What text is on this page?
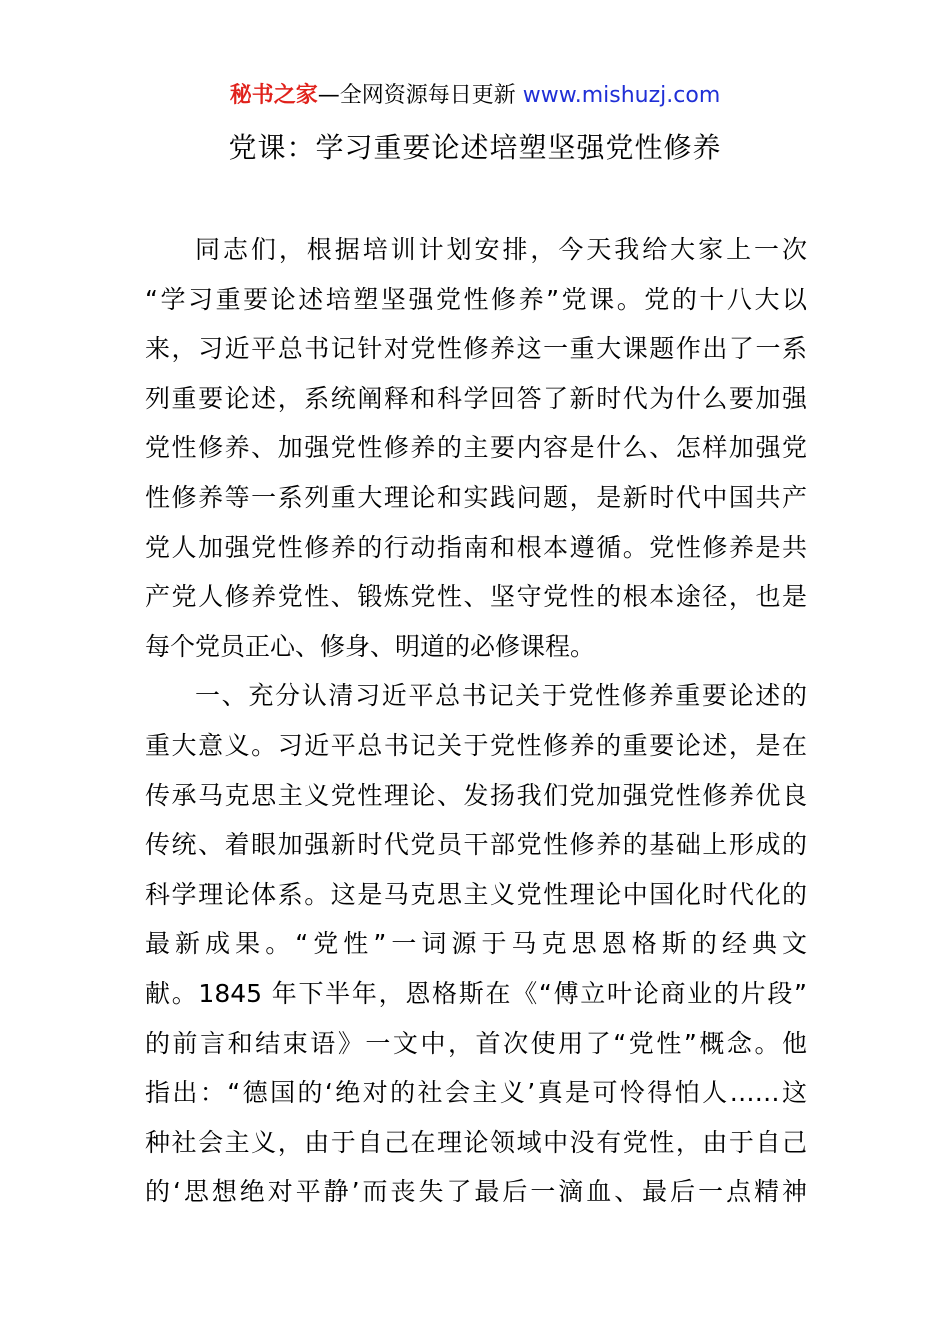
秘书之家—全网资源每日更新 www.mishuzj.com
党课：学习重要论述培塑坚强党性修养
同志们，根据培训计划安排，今天我给大家上一次
“学习重要论述培塑坚强党性修养”党课。党的十八大以
来，习近平总书记针对党性修养这一重大课题作出了一系
列重要论述，系统阐释和科学回答了新时代为什么要加强
党性修养、加强党性修养的主要内容是什么、怎样加强党
性修养等一系列重大理论和实践问题，是新时代中国共产
党人加强党性修养的行动指南和根本遵循。党性修养是共
产党人修养党性、锻炼党性、坚守党性的根本途径，也是
每个党员正心、修身、明道的必修课程。
一、充分认清习近平总书记关于党性修养重要论述的
重大意义。习近平总书记关于党性修养的重要论述，是在
传承马克思主义党性理论、发扬我们党加强党性修养优良
传统、着眼加强新时代党员干部党性修养的基础上形成的
科学理论体系。这是马克思主义党性理论中国化时代化的
最新成果。“党性”一词源于马克思恩格斯的经典文
献。1845 年下半年，恩格斯在《“傅立叶论商业的片段”
的前言和结束语》一文中，首次使用了“党性”概念。他
指出：“德国的‘绝对的社会主义’真是可怜得怕人……这
种社会主义，由于自己在理论领域中没有党性，由于自己
的‘思想绝对平静’而丧失了最后一滴血、最后一点精神
